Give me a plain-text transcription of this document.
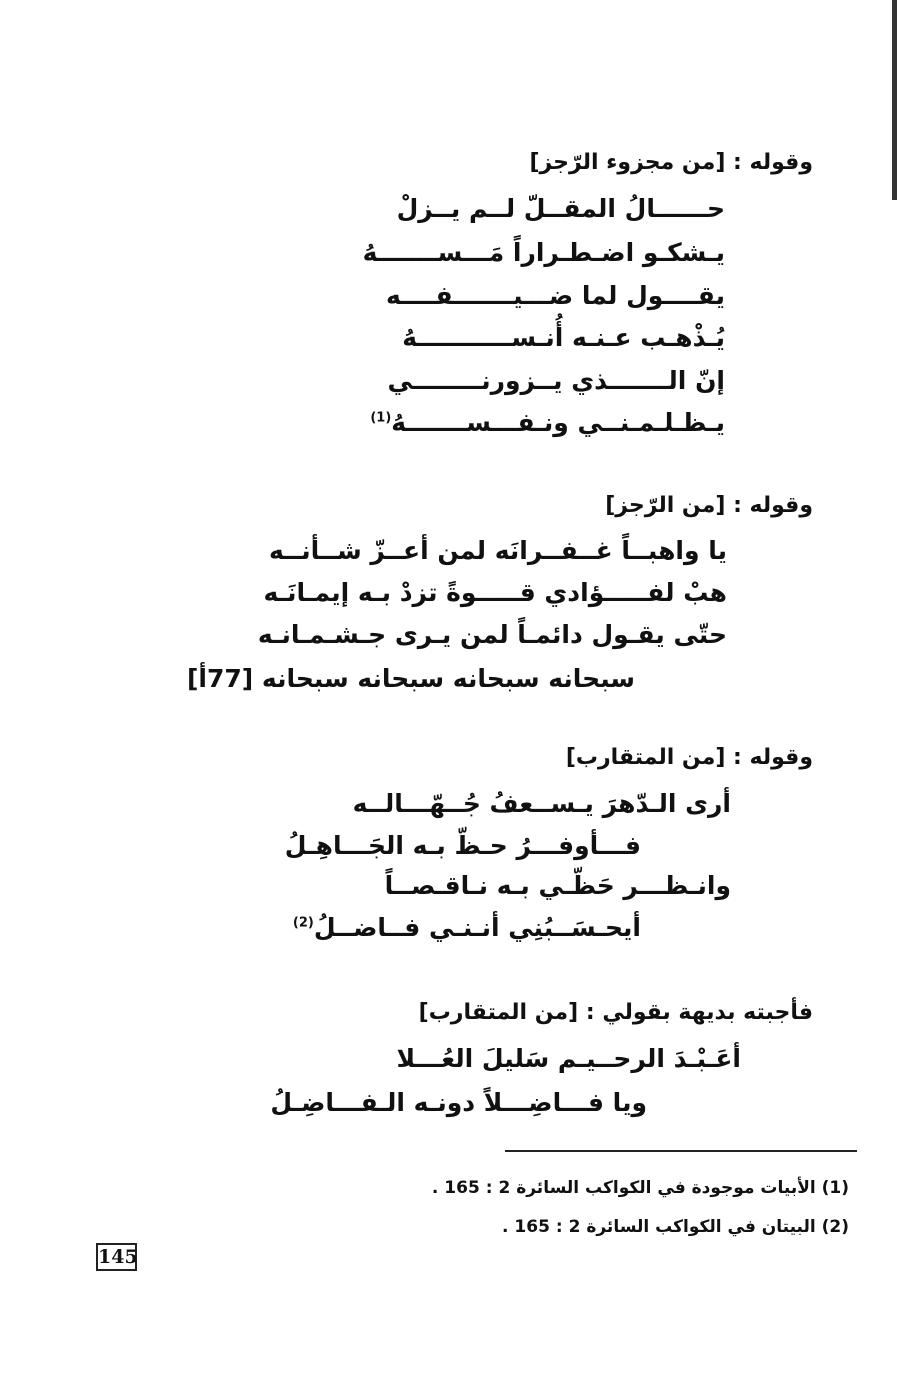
وقوله : [من مجزوء الرّجز]
حــــــالُ المقــلّ لــم يــزلْ
يـشكـو اضـطـراراً مَـــســـــــهُ
يقــــول لما ضـــيـــــــفــــه
يُـذْهـب عـنـه أُنـســـــــــــهُ
إنّ الـــــــذي يــزورنــــــــي
يـظـلـمـنــي ونـفـــســـــــهُ$^{(1)}$
وقوله : [من الرّجز]
يا واهبــاً غــفــرانَه لمن أعــزّ شــأنــه
هبْ لفـــــؤادي قـــــوةً تزدْ بـه إيمـانَـه
حتّى يقـول دائمـاً لمن يـرى جـشـمـانـه
سبحانه سبحانه سبحانه سبحانه [77أ]
وقوله : [من المتقارب]
أرى الـدّهرَ يـســعفُ جُــهّـــالــه
فـــأوفـــرُ حـظّ بـه الجَـــاهِـلُ
وانـظـــر حَظّـي بـه نـاقـصــاً
أيحـسَــبُنِي أنـنـي فــاضــلُ$^{(2)}$
فأجبته بديهة بقولي : [من المتقارب]
أعَـبْـدَ الرحــيـم سَليلَ العُـــلا
ويا فـــاضِـــلاً دونـه الـفـــاضِـلُ
(1) الأبيات موجودة في الكواكب السائرة 2 : 165 .
(2) البيتان في الكواكب السائرة 2 : 165 .
145
